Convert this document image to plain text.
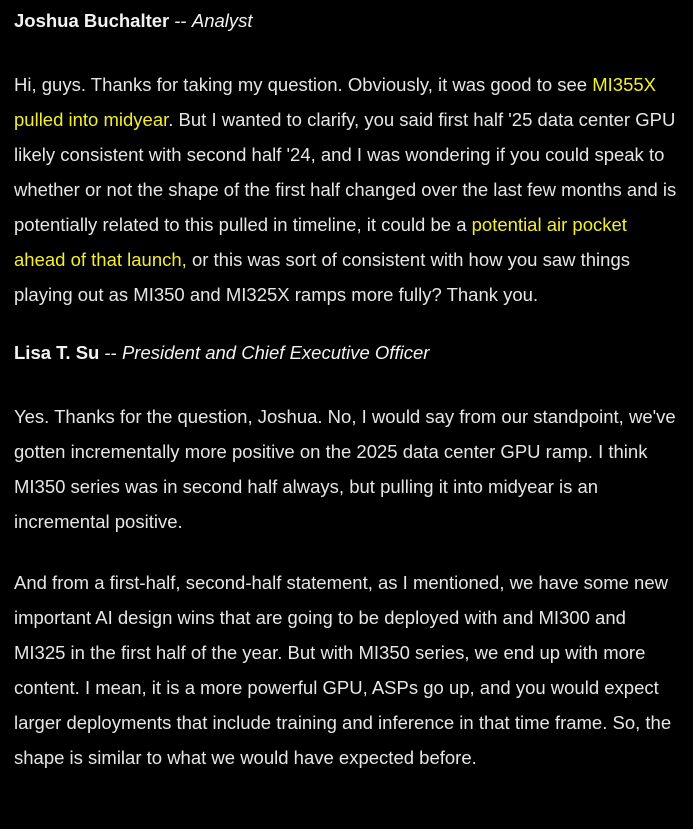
Joshua Buchalter -- Analyst

Hi, guys. Thanks for taking my question. Obviously, it was good to see MI355X pulled into midyear. But I wanted to clarify, you said first half '25 data center GPU likely consistent with second half '24, and I was wondering if you could speak to whether or not the shape of the first half changed over the last few months and is potentially related to this pulled in timeline, it could be a potential air pocket ahead of that launch, or this was sort of consistent with how you saw things playing out as MI350 and MI325X ramps more fully? Thank you.

Lisa T. Su -- President and Chief Executive Officer

Yes. Thanks for the question, Joshua. No, I would say from our standpoint, we've gotten incrementally more positive on the 2025 data center GPU ramp. I think MI350 series was in second half always, but pulling it into midyear is an incremental positive.

And from a first-half, second-half statement, as I mentioned, we have some new important AI design wins that are going to be deployed with and MI300 and MI325 in the first half of the year. But with MI350 series, we end up with more content. I mean, it is a more powerful GPU, ASPs go up, and you would expect larger deployments that include training and inference in that time frame. So, the shape is similar to what we would have expected before.
